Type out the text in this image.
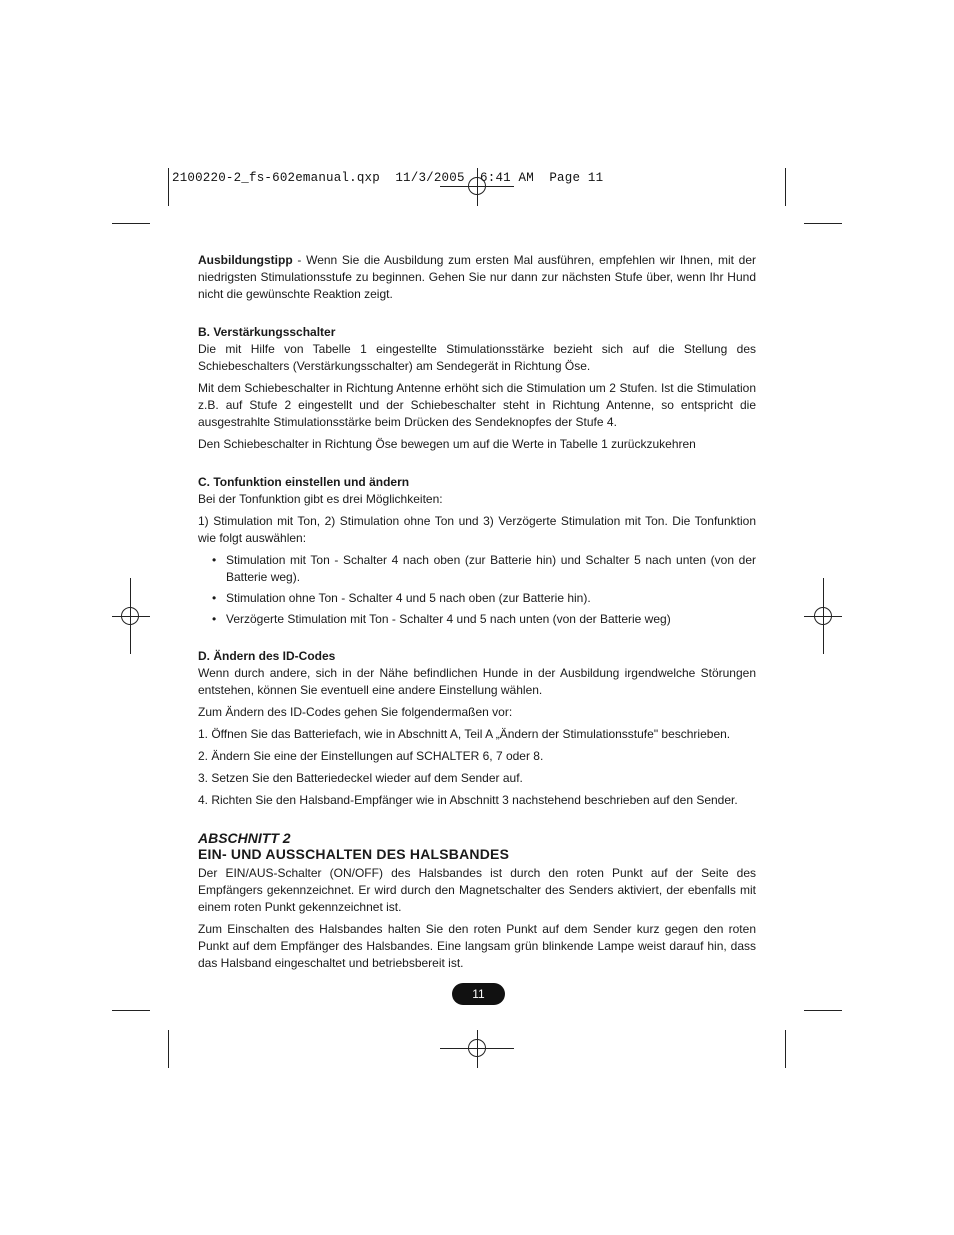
2100220-2_fs-602emanual.qxp  11/3/2005  6:41 AM  Page 11

Ausbildungstipp - Wenn Sie die Ausbildung zum ersten Mal ausführen, empfehlen wir Ihnen, mit der niedrigsten Stimulationsstufe zu beginnen. Gehen Sie nur dann zur nächsten Stufe über, wenn Ihr Hund nicht die gewünschte Reaktion zeigt.

B. Verstärkungsschalter

Die mit Hilfe von Tabelle 1 eingestellte Stimulationsstärke bezieht sich auf die Stellung des Schiebeschalters (Verstärkungsschalter) am Sendegerät in Richtung Öse.

Mit dem Schiebeschalter in Richtung Antenne erhöht sich die Stimulation um 2 Stufen. Ist die Stimulation z.B. auf Stufe 2 eingestellt und der Schiebeschalter steht in Richtung Antenne, so entspricht die ausgestrahlte Stimulationsstärke beim Drücken des Sendeknopfes der Stufe 4.

Den Schiebeschalter in Richtung Öse bewegen um auf die Werte in Tabelle 1 zurückzukehren

C. Tonfunktion einstellen und ändern

Bei der Tonfunktion gibt es drei Möglichkeiten:

1) Stimulation mit Ton, 2) Stimulation ohne Ton und 3) Verzögerte Stimulation mit Ton. Die Tonfunktion wie folgt auswählen:

• Stimulation mit Ton - Schalter 4 nach oben (zur Batterie hin) und Schalter 5 nach unten (von der Batterie weg).
• Stimulation ohne Ton - Schalter 4 und 5 nach oben (zur Batterie hin).
• Verzögerte Stimulation mit Ton - Schalter 4 und 5 nach unten (von der Batterie weg)
D. Ändern des ID-Codes

Wenn durch andere, sich in der Nähe befindlichen Hunde in der Ausbildung irgendwelche Störungen entstehen, können Sie eventuell eine andere Einstellung wählen.

Zum Ändern des ID-Codes gehen Sie folgendermaßen vor:

1. Öffnen Sie das Batteriefach, wie in Abschnitt A, Teil A „Ändern der Stimulationsstufe" beschrieben.

2. Ändern Sie eine der Einstellungen auf SCHALTER 6, 7 oder 8.

3. Setzen Sie den Batteriedeckel wieder auf dem Sender auf.

4. Richten Sie den Halsband-Empfänger wie in Abschnitt 3 nachstehend beschrieben auf den Sender.

ABSCHNITT 2
EIN- UND AUSSCHALTEN DES HALSBANDES

Der EIN/AUS-Schalter (ON/OFF) des Halsbandes ist durch den roten Punkt auf der Seite des Empfängers gekennzeichnet. Er wird durch den Magnetschalter des Senders aktiviert, der ebenfalls mit einem roten Punkt gekennzeichnet ist.

Zum Einschalten des Halsbandes halten Sie den roten Punkt auf dem Sender kurz gegen den roten Punkt auf dem Empfänger des Halsbandes. Eine langsam grün blinkende Lampe weist darauf hin, dass das Halsband eingeschaltet und betriebsbereit ist.

11
